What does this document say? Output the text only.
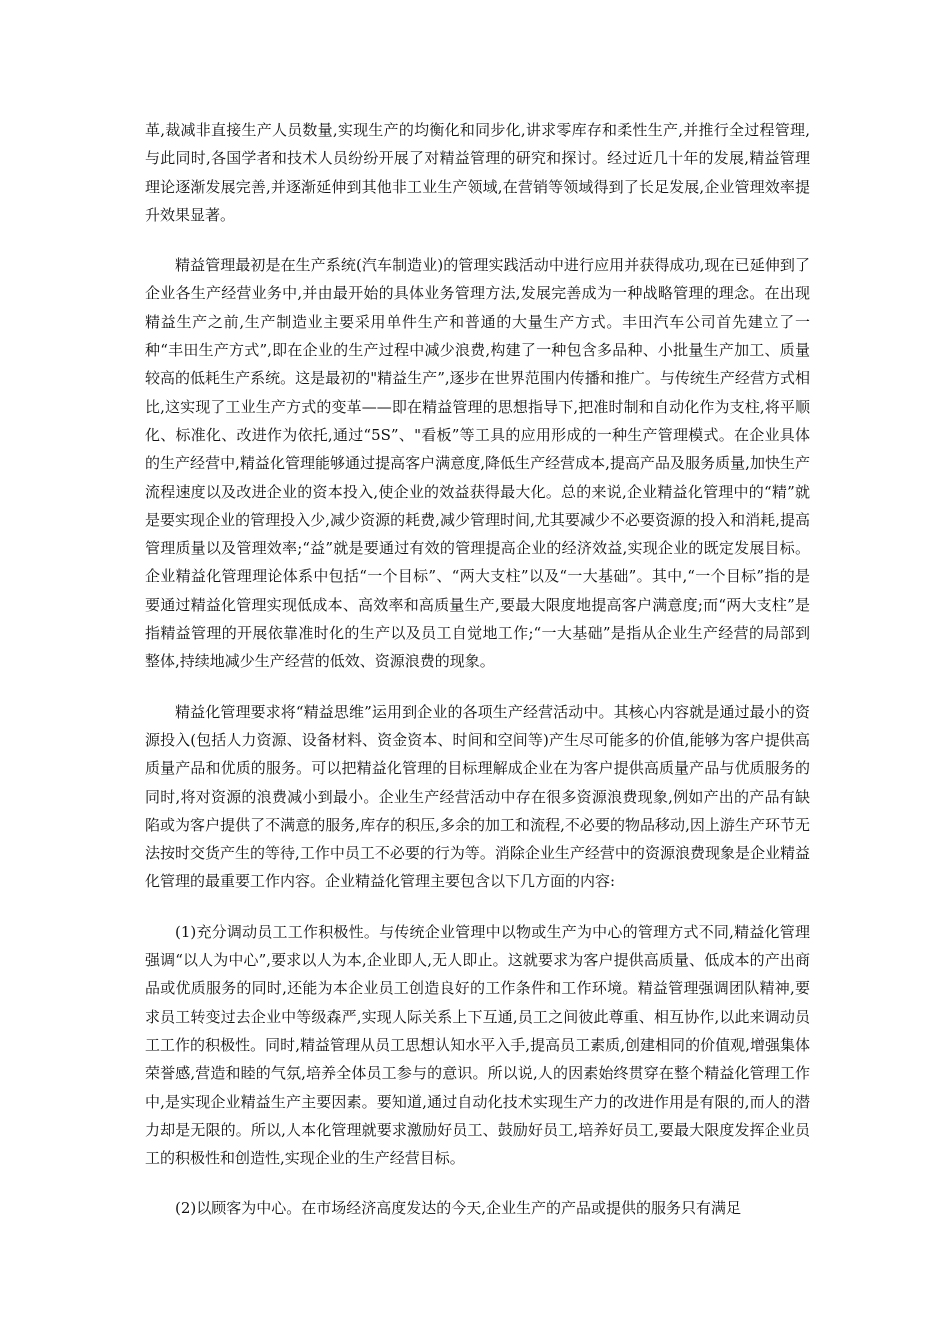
革,裁减非直接生产人员数量,实现生产的均衡化和同步化,讲求零库存和柔性生产,并推行全过程管理,与此同时,各国学者和技术人员纷纷开展了对精益管理的研究和探讨。经过近几十年的发展,精益管理理论逐渐发展完善,并逐渐延伸到其他非工业生产领域,在营销等领域得到了长足发展,企业管理效率提升效果显著。

精益管理最初是在生产系统(汽车制造业)的管理实践活动中进行应用并获得成功,现在已延伸到了企业各生产经营业务中,并由最开始的具体业务管理方法,发展完善成为一种战略管理的理念。在出现精益生产之前,生产制造业主要采用单件生产和普通的大量生产方式。丰田汽车公司首先建立了一种“丰田生产方式”,即在企业的生产过程中减少浪费,构建了一种包含多品种、小批量生产加工、质量较高的低耗生产系统。这是最初的"精益生产”,逐步在世界范围内传播和推广。与传统生产经营方式相比,这实现了工业生产方式的变革——即在精益管理的思想指导下,把准时制和自动化作为支柱,将平顺化、标准化、改进作为依托,通过“5S”、"看板”等工具的应用形成的一种生产管理模式。在企业具体的生产经营中,精益化管理能够通过提高客户满意度,降低生产经营成本,提高产品及服务质量,加快生产流程速度以及改进企业的资本投入,使企业的效益获得最大化。总的来说,企业精益化管理中的“精”就是要实现企业的管理投入少,减少资源的耗费,减少管理时间,尤其要减少不必要资源的投入和消耗,提高管理质量以及管理效率;“益”就是要通过有效的管理提高企业的经济效益,实现企业的既定发展目标。企业精益化管理理论体系中包括“一个目标”、“两大支柱”以及“一大基础”。其中,“一个目标”指的是要通过精益化管理实现低成本、高效率和高质量生产,要最大限度地提高客户满意度;而“两大支柱”是指精益管理的开展依靠准时化的生产以及员工自觉地工作;“一大基础”是指从企业生产经营的局部到整体,持续地减少生产经营的低效、资源浪费的现象。

精益化管理要求将“精益思维”运用到企业的各项生产经营活动中。其核心内容就是通过最小的资源投入(包括人力资源、设备材料、资金资本、时间和空间等)产生尽可能多的价值,能够为客户提供高质量产品和优质的服务。可以把精益化管理的目标理解成企业在为客户提供高质量产品与优质服务的同时,将对资源的浪费减小到最小。企业生产经营活动中存在很多资源浪费现象,例如产出的产品有缺陷或为客户提供了不满意的服务,库存的积压,多余的加工和流程,不必要的物品移动,因上游生产环节无法按时交货产生的等待,工作中员工不必要的行为等。消除企业生产经营中的资源浪费现象是企业精益化管理的最重要工作内容。企业精益化管理主要包含以下几方面的内容:

(1)充分调动员工工作积极性。与传统企业管理中以物或生产为中心的管理方式不同,精益化管理强调“以人为中心”,要求以人为本,企业即人,无人即止。这就要求为客户提供高质量、低成本的产出商品或优质服务的同时,还能为本企业员工创造良好的工作条件和工作环境。精益管理强调团队精神,要求员工转变过去企业中等级森严,实现人际关系上下互通,员工之间彼此尊重、相互协作,以此来调动员工工作的积极性。同时,精益管理从员工思想认知水平入手,提高员工素质,创建相同的价值观,增强集体荣誉感,营造和睦的气氛,培养全体员工参与的意识。所以说,人的因素始终贯穿在整个精益化管理工作中,是实现企业精益生产主要因素。要知道,通过自动化技术实现生产力的改进作用是有限的,而人的潜力却是无限的。所以,人本化管理就要求激励好员工、鼓励好员工,培养好员工,要最大限度发挥企业员工的积极性和创造性,实现企业的生产经营目标。

(2)以顾客为中心。在市场经济高度发达的今天,企业生产的产品或提供的服务只有满足
